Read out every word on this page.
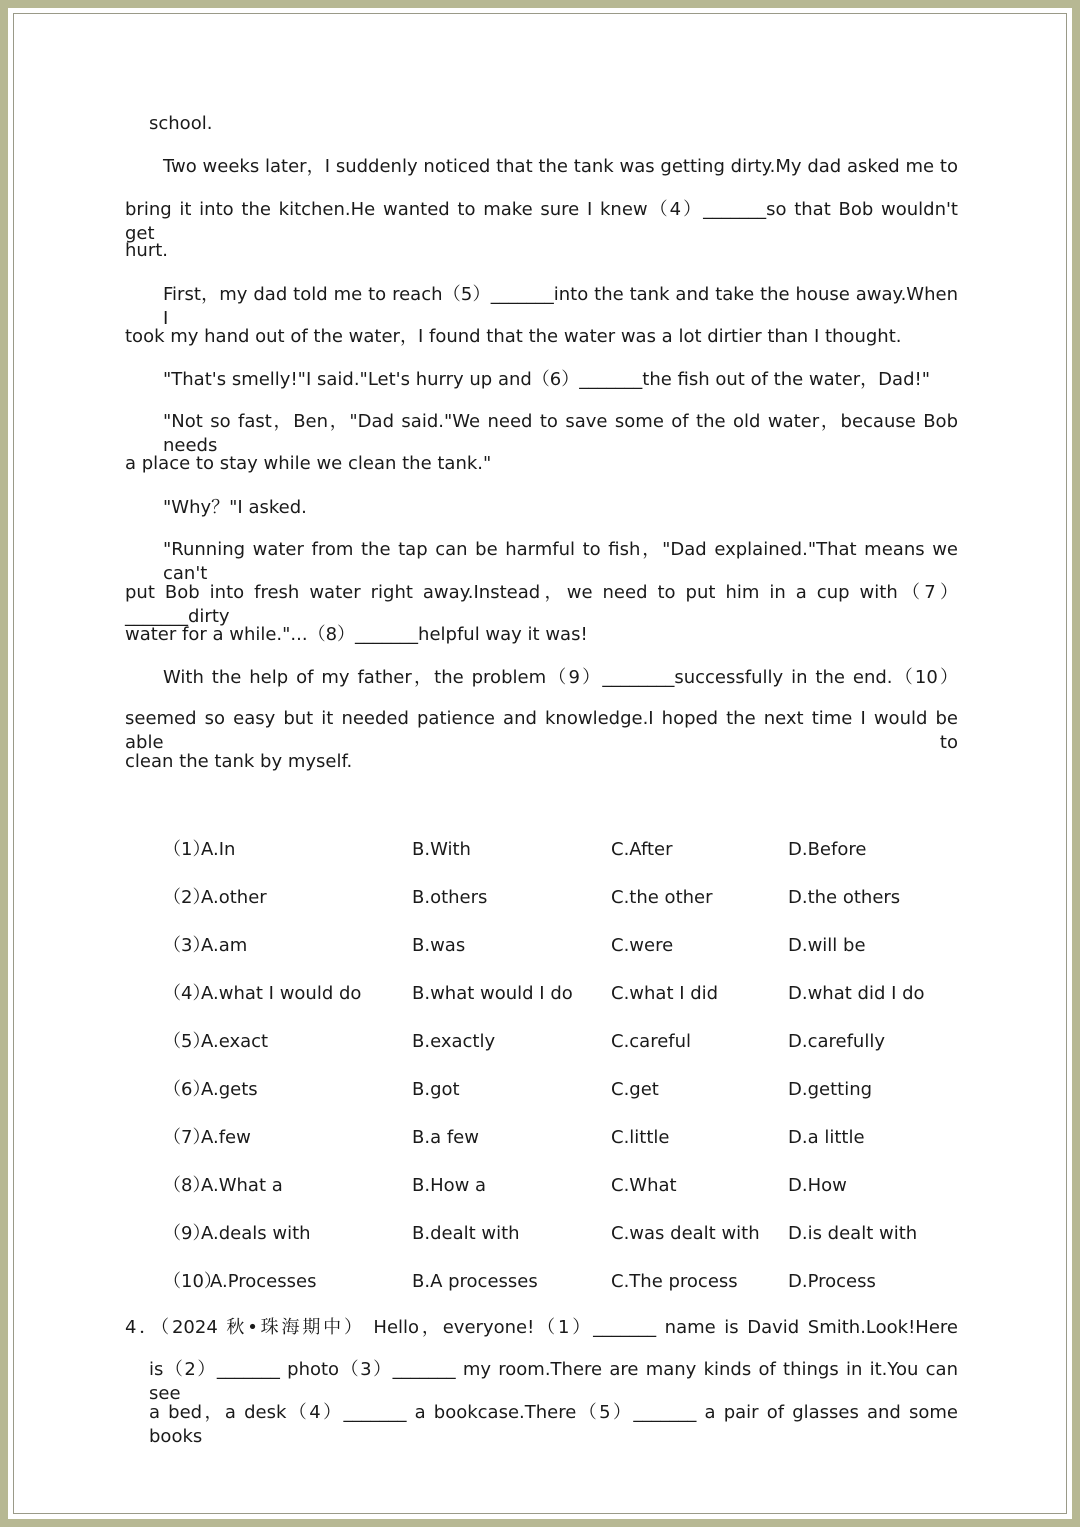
school.
Two weeks later，I suddenly noticed that the tank was getting dirty.My dad asked me to
bring it into the kitchen.He wanted to make sure I knew（4）_______so that Bob wouldn't get
hurt.
First，my dad told me to reach（5）_______into the tank and take the house away.When I
took my hand out of the water，I found that the water was a lot dirtier than I thought.
"That's smelly!"I said."Let's hurry up and（6）_______the fish out of the water，Dad!"
"Not so fast，Ben，"Dad said."We need to save some of the old water，because Bob needs
a place to stay while we clean the tank."
"Why？"I asked.
"Running water from the tap can be harmful to fish，"Dad explained."That means we can't
put Bob into fresh water right away.Instead，we need to put him in a cup with（7）_______dirty
water for a while."...（8）_______helpful way it was!
With the help of my father，the problem（9）________successfully in the end.（10）
seemed so easy but it needed patience and knowledge.I hoped the next time I would be able to
clean the tank by myself.
（1）
A.In	B.With	C.After	D.Before
（2）
A.other	B.others	C.the other	D.the others
（3）
A.am	B.was	C.were	D.will be
（4）
A.what I would do	B.what would I do C.what I did	D.what did I do
（5）
A.exact	B.exactly	C.careful	D.carefully
（6）
A.gets	B.got	C.get	D.getting
（7）
A.few	B.a few	C.little	D.a little
（8）
A.What a	B.How a	C.What	D.How
（9）
A.deals with	B.dealt with	C.was dealt with D.is dealt with
（10）
A.Processes	B.A processes	C.The process	D.Process
4．（2024 秋•珠海期中） Hello，everyone!（1）_______ name is David Smith.Look!Here
is（2）_______ photo（3）_______ my room.There are many kinds of things in it.You can see
a bed，a desk（4）_______ a bookcase.There（5）_______ a pair of glasses and some books
